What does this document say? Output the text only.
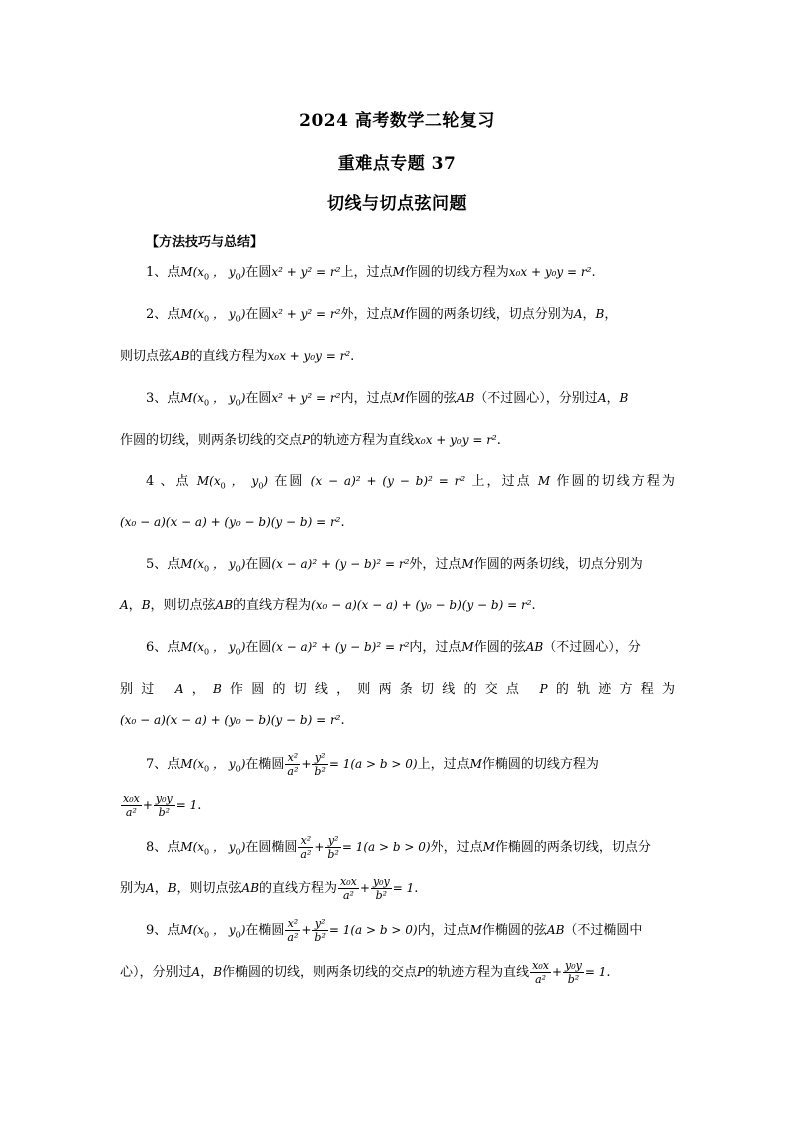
2024 高考数学二轮复习
重难点专题 37
切线与切点弦问题
【方法技巧与总结】
1、点$M(x_0$ ， $y_0$)在圆x² + y² = r²上，过点M作圆的切线方程为x₀x + y₀y = r².
2、点$M(x_0$ ， $y_0$)在圆x² + y² = r²外，过点M作圆的两条切线，切点分别为A，B，
则切点弦AB的直线方程为x₀x + y₀y = r².
3、点$M(x_0$ ， $y_0$)在圆x² + y² = r²内，过点M作圆的弦AB（不过圆心），分别过A，B
作圆的切线，则两条切线的交点P的轨迹方程为直线x₀x + y₀y = r².
4 、点 $M(x_0$ ， $y_0$) 在圆 (x − a)² + (y − b)² = r² 上，过点 M 作圆的切线方程为
(x₀ − a)(x − a) + (y₀ − b)(y − b) = r².
5、点$M(x_0$ ， $y_0$)在圆(x − a)² + (y − b)² = r²外，过点M作圆的两条切线，切点分别为
A，B，则切点弦AB的直线方程为(x₀ − a)(x − a) + (y₀ − b)(y − b) = r².
6、点$M(x_0$ ， $y_0$)在圆(x − a)² + (y − b)² = r²内，过点M作圆的弦AB（不过圆心），分
别过 A，B作圆的切线，则两条切线的交点 P的轨迹方程为
(x₀ − a)(x − a) + (y₀ − b)(y − b) = r².
7、点$M(x_0$ ， $y_0$)在椭圆 $\frac{\text{x²}}{\text{a²}} + \frac{\text{y²}}{\text{b²}} = 1(a > b > 0)$上，过点M作椭圆的切线方程为
$\frac{\text{x₀x}}{\text{a²}} + \frac{\text{y₀y}}{\text{b²}} = 1$.
8、点$M(x_0$ ， $y_0$)在圆椭圆 $\frac{\text{x²}}{\text{a²}} + \frac{\text{y²}}{\text{b²}} = 1(a > b > 0)$外，过点M作椭圆的两条切线，切点分
别为A，B，则切点弦AB的直线方程为 $\frac{\text{x₀x}}{\text{a²}} + \frac{\text{y₀y}}{\text{b²}} = 1$.
9、点$M(x_0$ ， $y_0$)在椭圆 $\frac{\text{x²}}{\text{a²}} + \frac{\text{y²}}{\text{b²}} = 1(a > b > 0)$内，过点M作椭圆的弦AB（不过椭圆中
心），分别过A，B作椭圆的切线，则两条切线的交点P的轨迹方程为直线 $\frac{\text{x₀x}}{\text{a²}} + \frac{\text{y₀y}}{\text{b²}} = 1$.
